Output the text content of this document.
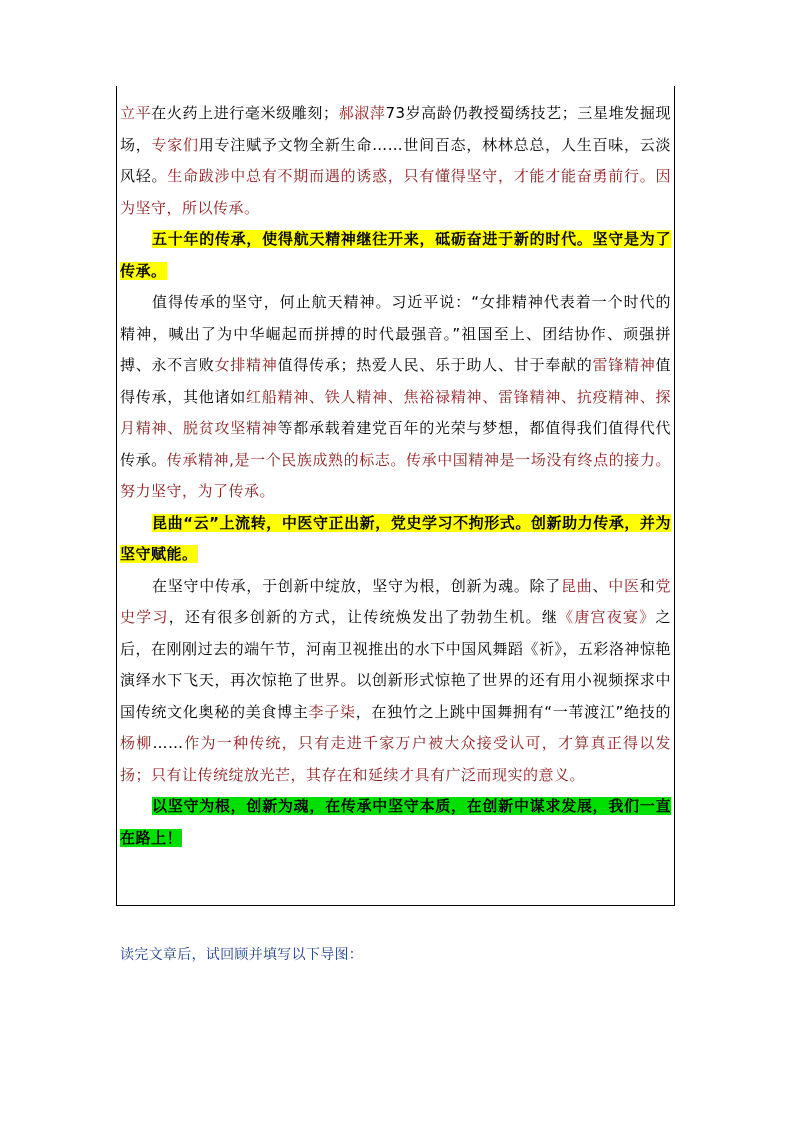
立平在火药上进行毫米级雕刻；郝淑萍73岁高龄仍教授蜀绣技艺；三星堆发掘现场，专家们用专注赋予文物全新生命……世间百态，林林总总，人生百味，云淡风轻。生命跋涉中总有不期而遇的诱惑，只有懂得坚守，才能才能奋勇前行。因为坚守，所以传承。

五十年的传承，使得航天精神继往开来，砥砺奋进于新的时代。坚守是为了传承。

值得传承的坚守，何止航天精神。习近平说：“女排精神代表着一个时代的精神，喊出了为中华崛起而拼搏的时代最强音。”祖国至上、团结协作、顽强拼搏、永不言败女排精神值得传承；热爱人民、乐于助人、甘于奉献的雷锋精神值得传承，其他诸如红船精神、铁人精神、焦裕禄精神、雷锋精神、抗疫精神、探月精神、脱贫攻坚精神等都承载着建党百年的光荣与梦想，都值得我们值得代代传承。传承精神,是一个民族成熟的标志。传承中国精神是一场没有终点的接力。努力坚守，为了传承。

昆曲“云”上流转，中医守正出新，党史学习不拘形式。创新助力传承，并为坚守赋能。

在坚守中传承，于创新中绽放，坚守为根，创新为魂。除了昆曲、中医和党史学习，还有很多创新的方式，让传统焕发出了勃勃生机。继《唐宫夜宴》之后，在刚刚过去的端午节，河南卫视推出的水下中国风舞蹈《祈》，五彩洛神惊艳演绎水下飞天，再次惊艳了世界。以创新形式惊艳了世界的还有用小视频探求中国传统文化奥秘的美食博主李子柒，在独竹之上跳中国舞拥有“一苇渡江”绝技的杨柳……作为一种传统，只有走进千家万户被大众接受认可，才算真正得以发扬；只有让传统绽放光芒，其存在和延续才具有广泛而现实的意义。

以坚守为根，创新为魂，在传承中坚守本质，在创新中谋求发展，我们一直在路上！

读完文章后，试回顾并填写以下导图：
